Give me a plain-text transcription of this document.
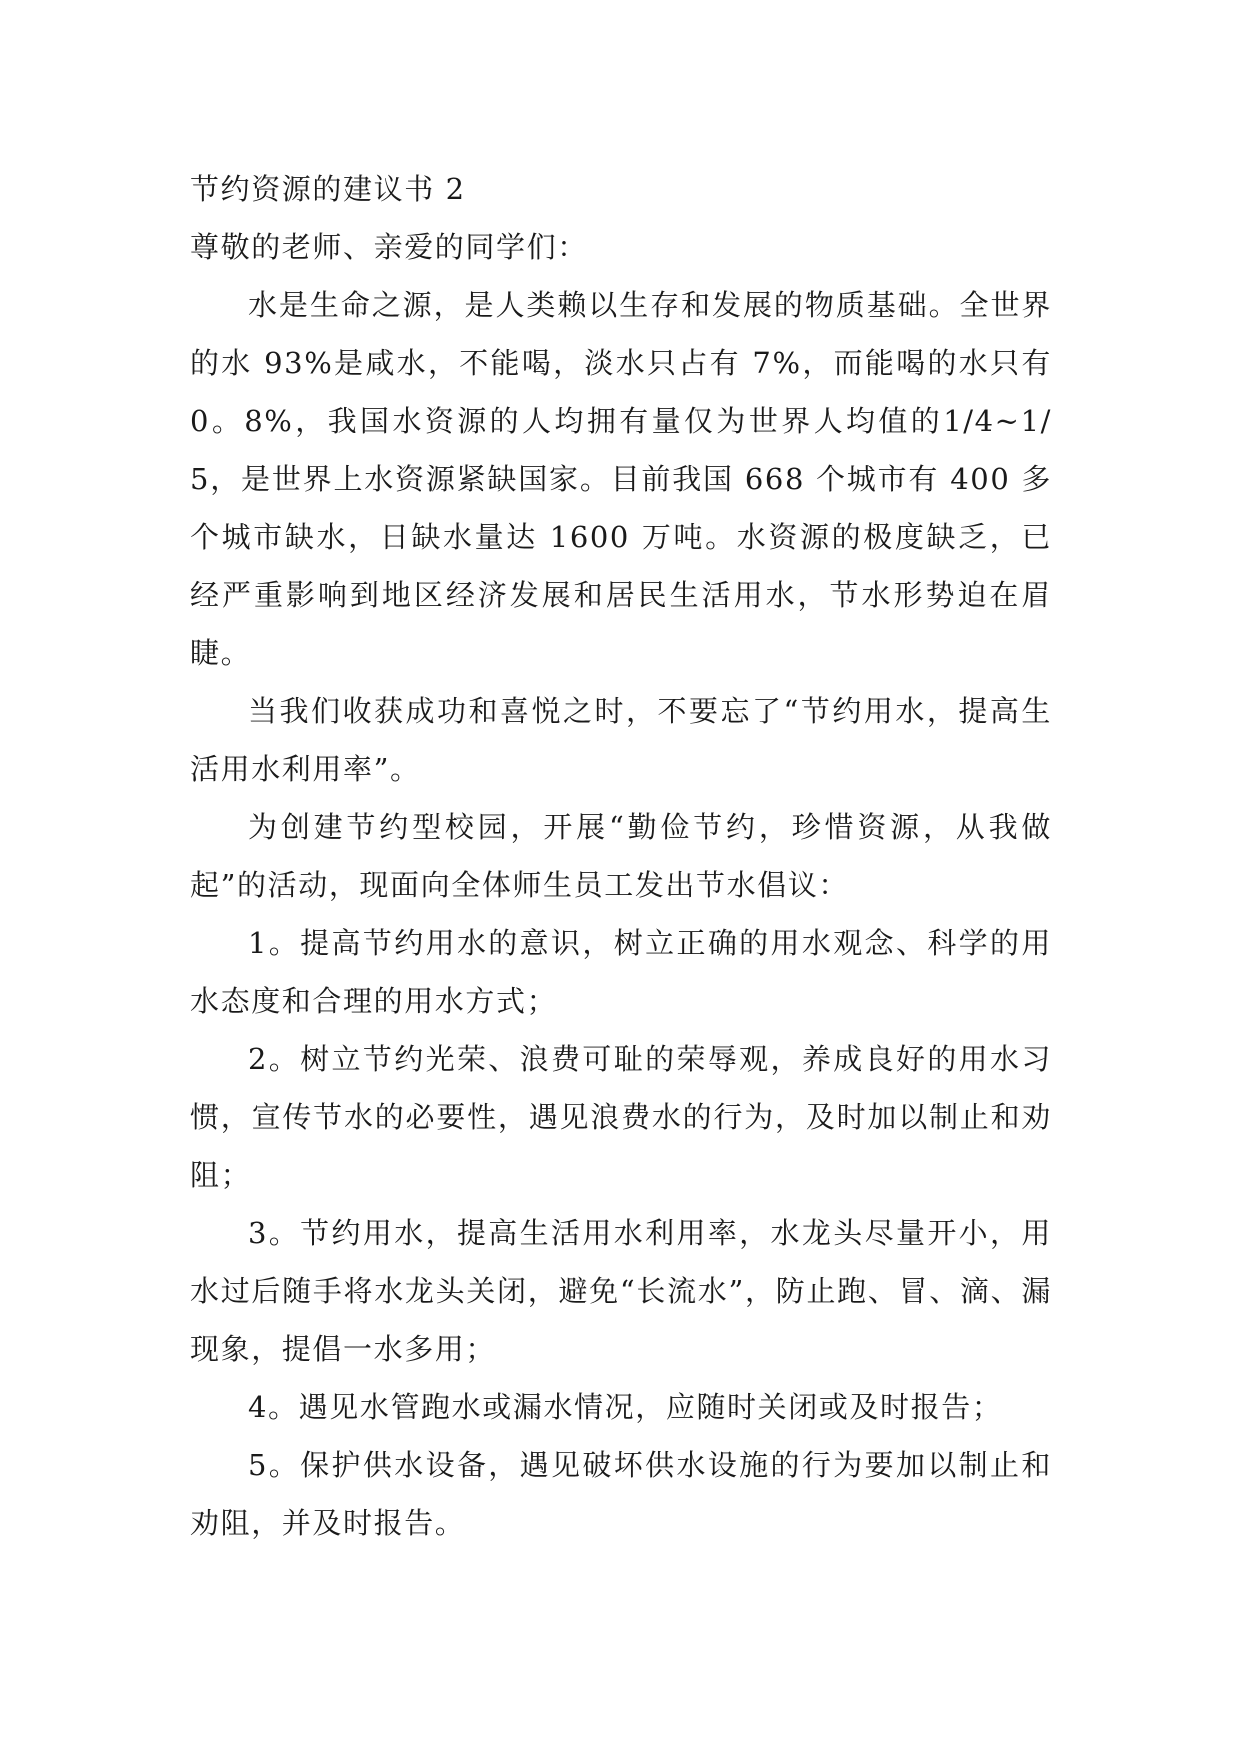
节约资源的建议书 2

尊敬的老师、亲爱的同学们：

水是生命之源，是人类赖以生存和发展的物质基础。全世界的水 93%是咸水，不能喝，淡水只占有 7%，而能喝的水只有 0。8%，我国水资源的人均拥有量仅为世界人均值的1/4~1/5，是世界上水资源紧缺国家。目前我国 668 个城市有 400 多个城市缺水，日缺水量达 1600 万吨。水资源的极度缺乏，已经严重影响到地区经济发展和居民生活用水，节水形势迫在眉睫。

当我们收获成功和喜悦之时，不要忘了“节约用水，提高生活用水利用率”。

为创建节约型校园，开展“勤俭节约，珍惜资源，从我做起”的活动，现面向全体师生员工发出节水倡议：

1。提高节约用水的意识，树立正确的用水观念、科学的用水态度和合理的用水方式；

2。树立节约光荣、浪费可耻的荣辱观，养成良好的用水习惯，宣传节水的必要性，遇见浪费水的行为，及时加以制止和劝阻；

3。节约用水，提高生活用水利用率，水龙头尽量开小，用水过后随手将水龙头关闭，避免“长流水”，防止跑、冒、滴、漏现象，提倡一水多用；

4。遇见水管跑水或漏水情况，应随时关闭或及时报告；

5。保护供水设备，遇见破坏供水设施的行为要加以制止和劝阻，并及时报告。
